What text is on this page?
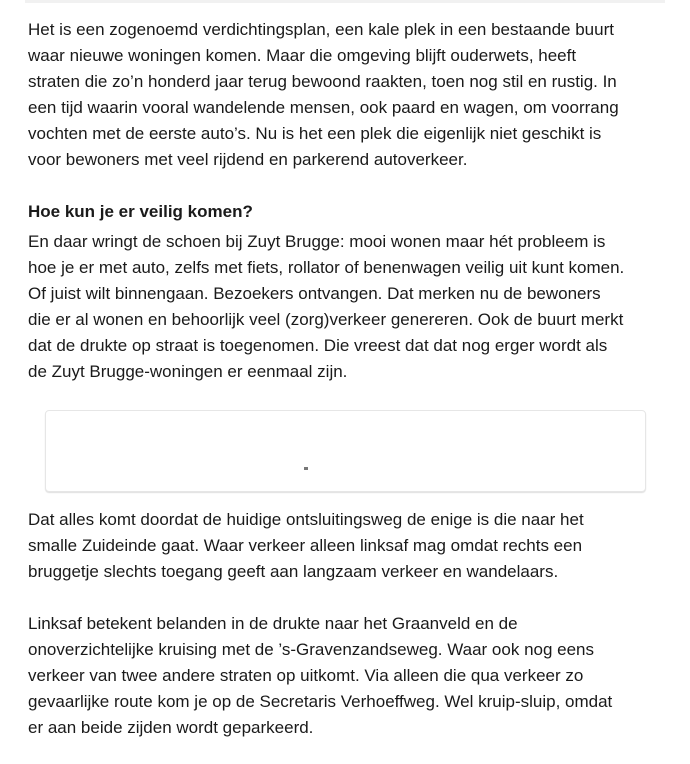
Het is een zogenoemd verdichtingsplan, een kale plek in een bestaande buurt
waar nieuwe woningen komen. Maar die omgeving blijft ouderwets, heeft
straten die zo’n honderd jaar terug bewoond raakten, toen nog stil en rustig. In
een tijd waarin vooral wandelende mensen, ook paard en wagen, om voorrang
vochten met de eerste auto’s. Nu is het een plek die eigenlijk niet geschikt is
voor bewoners met veel rijdend en parkerend autoverkeer.
Hoe kun je er veilig komen?
En daar wringt de schoen bij Zuyt Brugge: mooi wonen maar hét probleem is
hoe je er met auto, zelfs met fiets, rollator of benenwagen veilig uit kunt komen.
Of juist wilt binnengaan. Bezoekers ontvangen. Dat merken nu de bewoners
die er al wonen en behoorlijk veel (zorg)verkeer genereren. Ook de buurt merkt
dat de drukte op straat is toegenomen. Die vreest dat dat nog erger wordt als
de Zuyt Brugge-woningen er eenmaal zijn.
Dat alles komt doordat de huidige ontsluitingsweg de enige is die naar het
smalle Zuideinde gaat. Waar verkeer alleen linksaf mag omdat rechts een
bruggetje slechts toegang geeft aan langzaam verkeer en wandelaars.
Linksaf betekent belanden in de drukte naar het Graanveld en de
onoverzichtelijke kruising met de ’s-Gravenzandseweg. Waar ook nog eens
verkeer van twee andere straten op uitkomt. Via alleen die qua verkeer zo
gevaarlijke route kom je op de Secretaris Verhoeffweg. Wel kruip-sluip, omdat
er aan beide zijden wordt geparkeerd.
